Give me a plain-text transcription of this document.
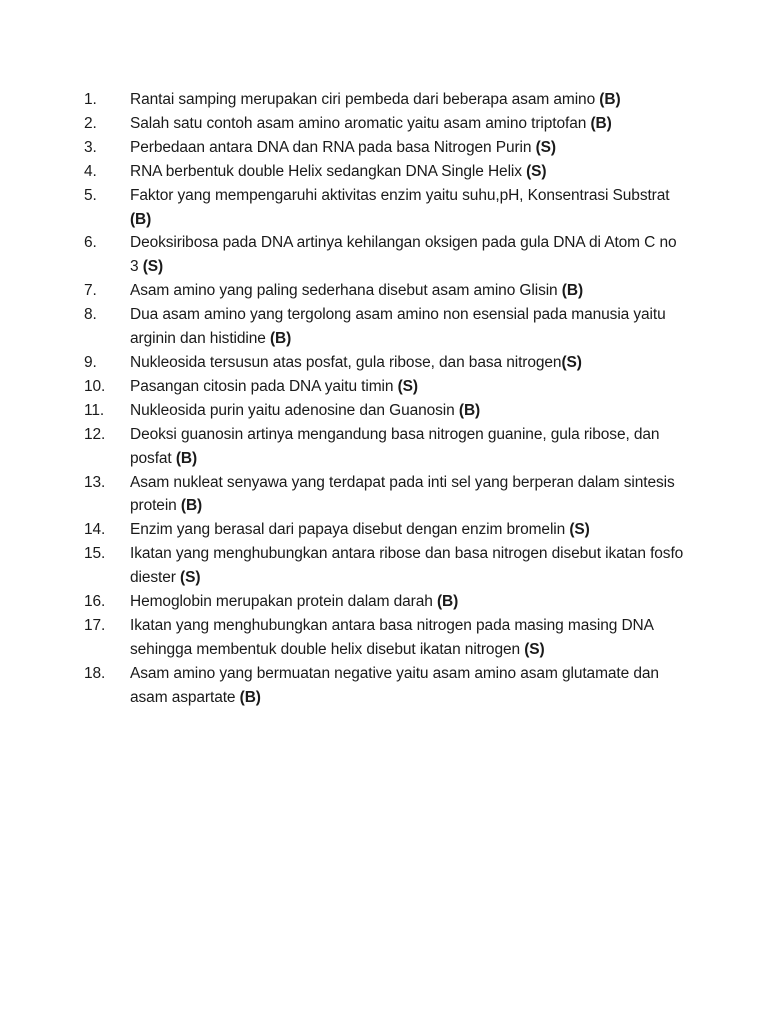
1.	Rantai samping merupakan ciri pembeda dari beberapa asam amino (B)
2.	Salah satu contoh asam amino aromatic yaitu asam amino triptofan (B)
3.	Perbedaan antara DNA dan RNA pada basa Nitrogen Purin (S)
4.	RNA berbentuk double Helix sedangkan DNA Single Helix (S)
5.	Faktor yang mempengaruhi aktivitas enzim yaitu suhu,pH, Konsentrasi Substrat (B)
6.	Deoksiribosa pada DNA artinya kehilangan oksigen pada gula DNA di Atom C no 3 (S)
7.	Asam amino yang paling sederhana disebut asam amino Glisin (B)
8.	Dua asam amino yang tergolong asam amino non esensial pada manusia yaitu arginin dan histidine (B)
9.	Nukleosida tersusun atas posfat, gula ribose, dan basa nitrogen(S)
10.	Pasangan citosin pada DNA yaitu timin (S)
11.	Nukleosida purin yaitu adenosine dan Guanosin (B)
12.	Deoksi guanosin artinya mengandung basa nitrogen guanine, gula ribose, dan posfat (B)
13.	Asam nukleat senyawa yang terdapat pada inti sel yang berperan dalam sintesis protein (B)
14.	Enzim yang berasal dari papaya disebut dengan enzim bromelin (S)
15.	Ikatan yang menghubungkan antara ribose dan basa nitrogen disebut ikatan fosfo diester (S)
16.	Hemoglobin merupakan protein dalam darah (B)
17.	Ikatan yang menghubungkan antara basa nitrogen pada masing masing DNA sehingga membentuk double helix disebut ikatan nitrogen (S)
18.	Asam amino yang bermuatan negative yaitu asam amino asam glutamate dan asam aspartate (B)
